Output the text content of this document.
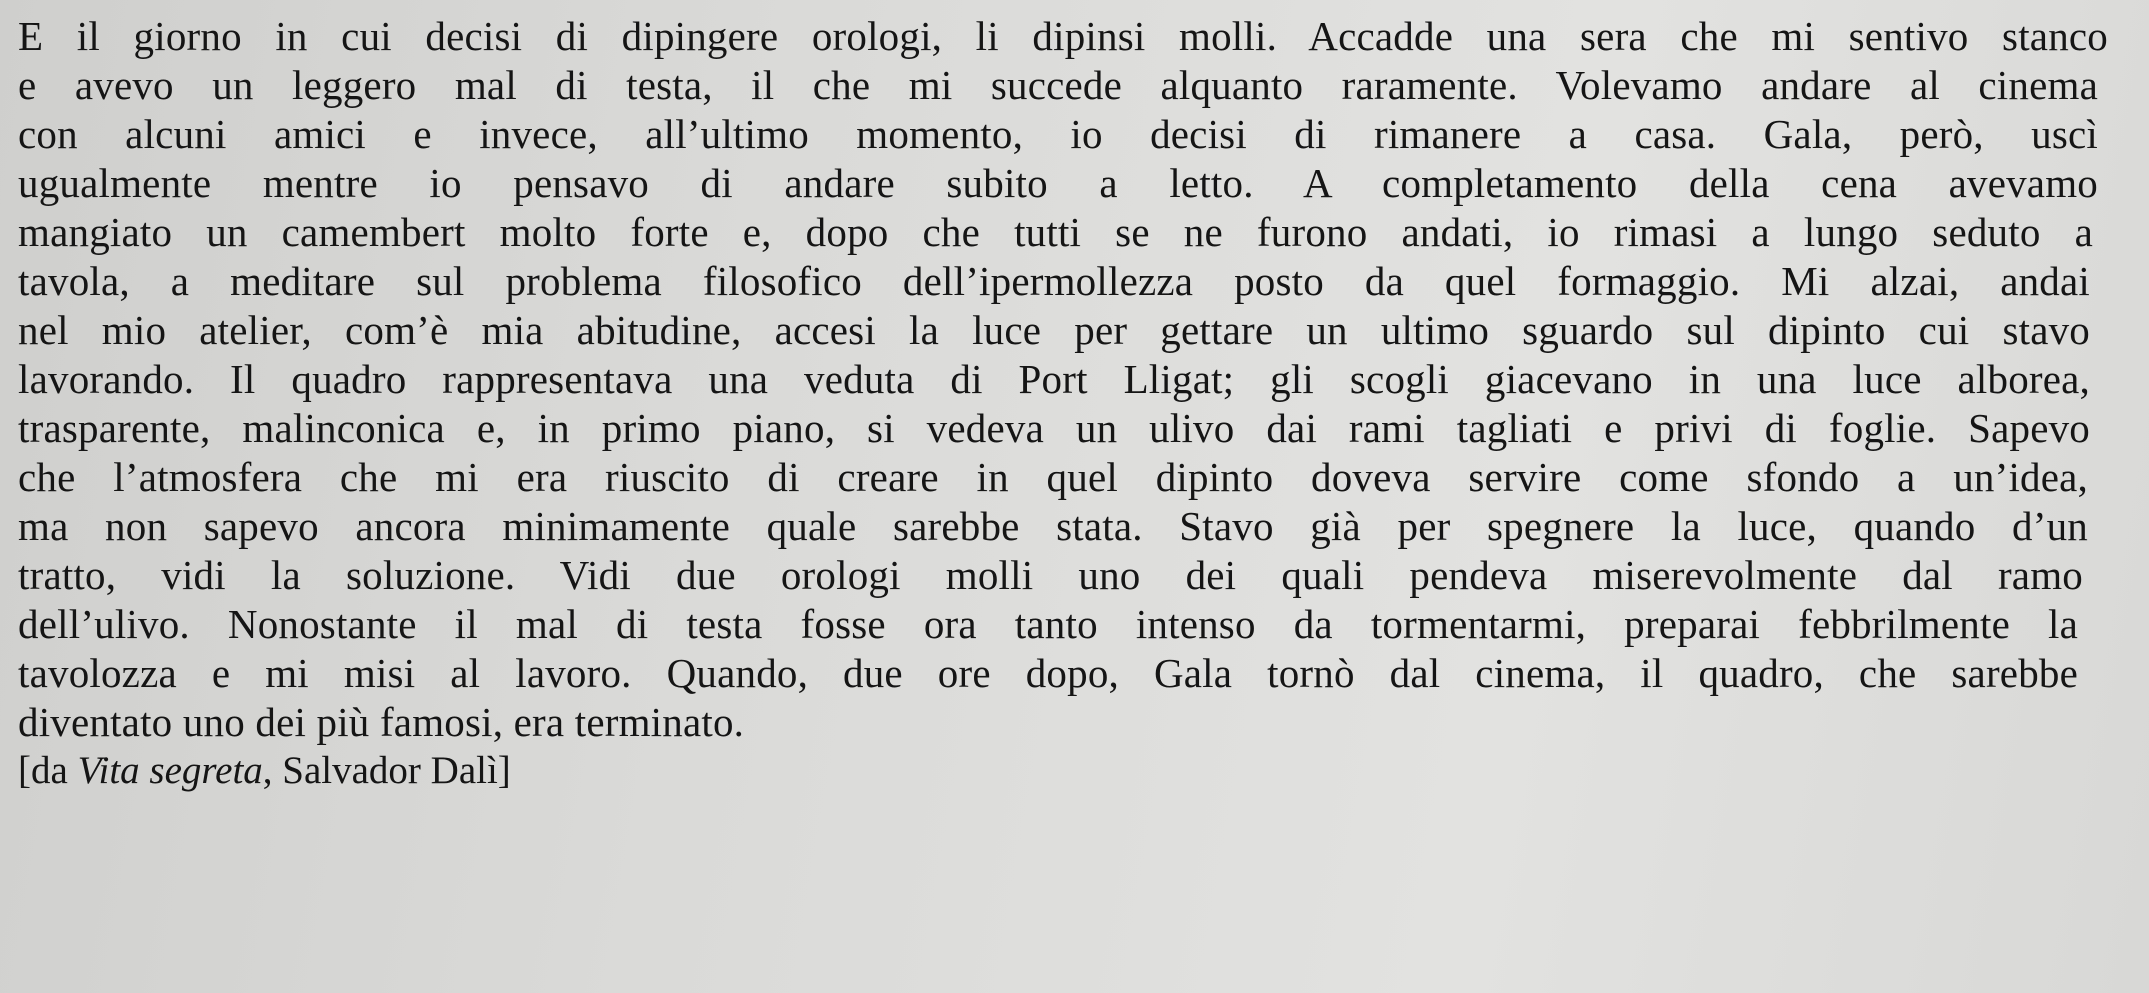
E il giorno in cui decisi di dipingere orologi, li dipinsi molli. Accadde una sera che mi sentivo stanco
e avevo un leggero mal di testa, il che mi succede alquanto raramente. Volevamo andare al cinema
con alcuni amici e invece, all’ultimo momento, io decisi di rimanere a casa. Gala, però, uscì
ugualmente mentre io pensavo di andare subito a letto. A completamento della cena avevamo
mangiato un camembert molto forte e, dopo che tutti se ne furono andati, io rimasi a lungo seduto a
tavola, a meditare sul problema filosofico dell’ipermollezza posto da quel formaggio. Mi alzai, andai
nel mio atelier, com’è mia abitudine, accesi la luce per gettare un ultimo sguardo sul dipinto cui stavo
lavorando. Il quadro rappresentava una veduta di Port Lligat; gli scogli giacevano in una luce alborea,
trasparente, malinconica e, in primo piano, si vedeva un ulivo dai rami tagliati e privi di foglie. Sapevo
che l’atmosfera che mi era riuscito di creare in quel dipinto doveva servire come sfondo a un’idea,
ma non sapevo ancora minimamente quale sarebbe stata. Stavo già per spegnere la luce, quando d’un
tratto, vidi la soluzione. Vidi due orologi molli uno dei quali pendeva miserevolmente dal ramo
dell’ulivo. Nonostante il mal di testa fosse ora tanto intenso da tormentarmi, preparai febbrilmente la
tavolozza e mi misi al lavoro. Quando, due ore dopo, Gala tornò dal cinema, il quadro, che sarebbe
diventato uno dei più famosi, era terminato.
[da Vita segreta, Salvador Dalì]
